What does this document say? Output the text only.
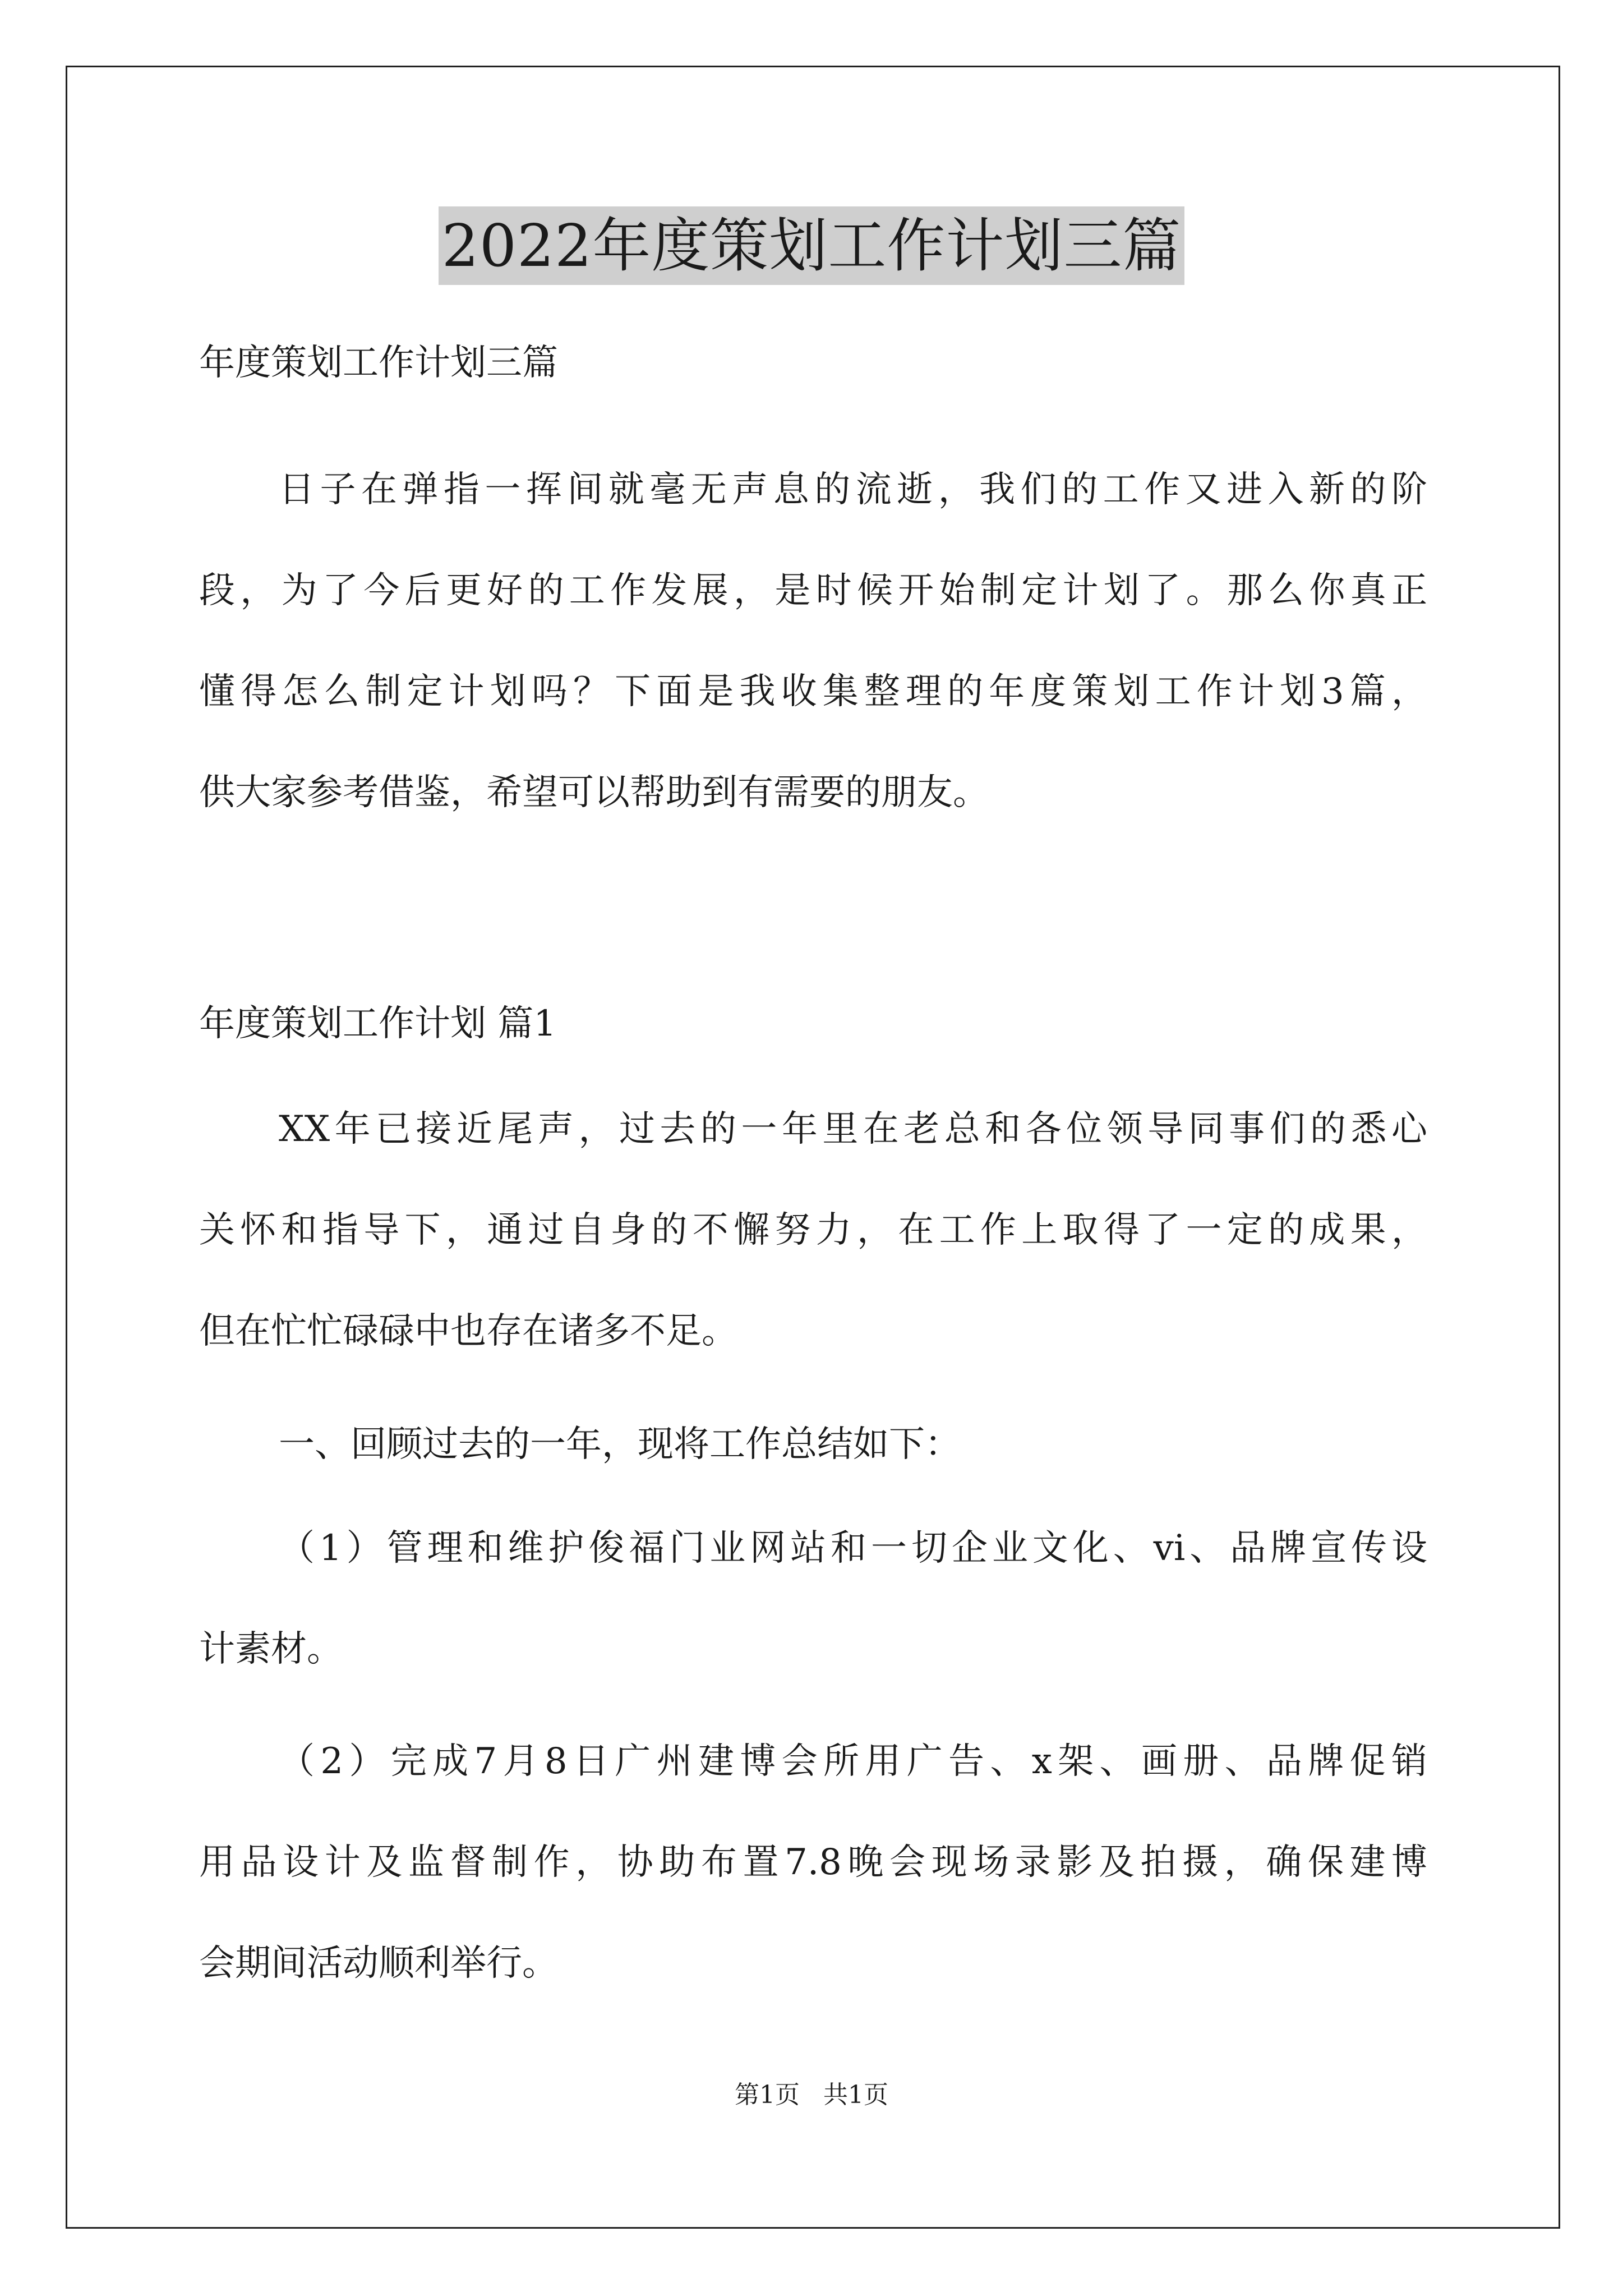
2022年度策划工作计划三篇

年度策划工作计划三篇

日子在弹指一挥间就毫无声息的流逝，我们的工作又进入新的阶
段，为了今后更好的工作发展，是时候开始制定计划了。那么你真正
懂得怎么制定计划吗？下面是我收集整理的年度策划工作计划3篇，
供大家参考借鉴，希望可以帮助到有需要的朋友。

年度策划工作计划 篇1

XX年已接近尾声，过去的一年里在老总和各位领导同事们的悉心
关怀和指导下，通过自身的不懈努力，在工作上取得了一定的成果，
但在忙忙碌碌中也存在诸多不足。

一、回顾过去的一年，现将工作总结如下：

（1）管理和维护俊福门业网站和一切企业文化、vi、品牌宣传设
计素材。
（2）完成7月8日广州建博会所用广告、x架、画册、品牌促销
用品设计及监督制作，协助布置7.8晚会现场录影及拍摄，确保建博
会期间活动顺利举行。
第1页   共1页
